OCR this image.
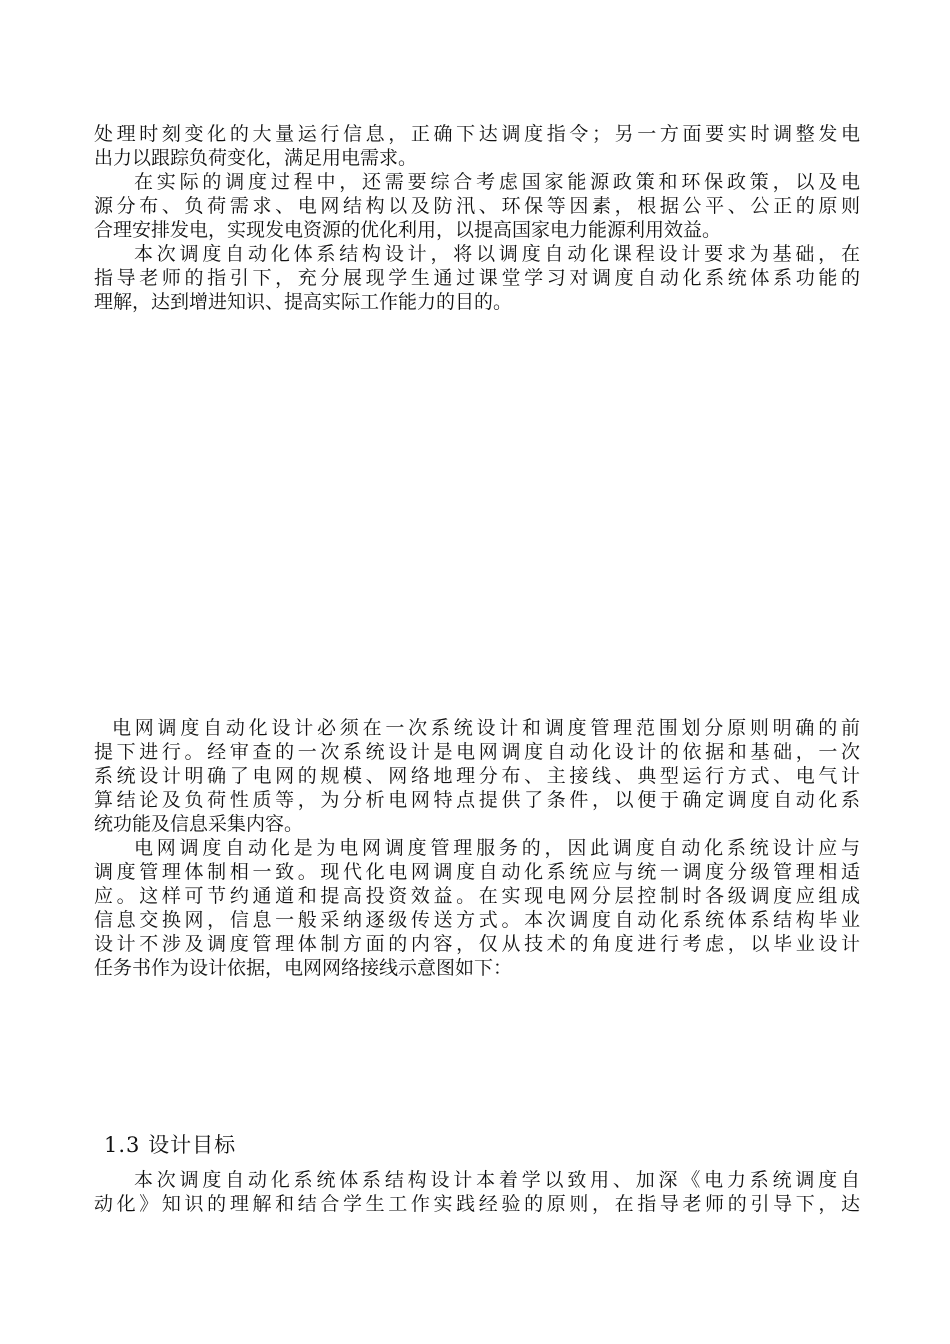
处理时刻变化的大量运行信息，正确下达调度指令；另一方面要实时调整发电
出力以跟踪负荷变化，满足用电需求。
在实际的调度过程中，还需要综合考虑国家能源政策和环保政策，以及电
源分布、负荷需求、电网结构以及防汛、环保等因素，根据公平、公正的原则
合理安排发电，实现发电资源的优化利用，以提高国家电力能源利用效益。
本次调度自动化体系结构设计，将以调度自动化课程设计要求为基础，在
指导老师的指引下，充分展现学生通过课堂学习对调度自动化系统体系功能的
理解，达到增进知识、提高实际工作能力的目的。
电网调度自动化设计必须在一次系统设计和调度管理范围划分原则明确的前
提下进行。经审查的一次系统设计是电网调度自动化设计的依据和基础，一次
系统设计明确了电网的规模、网络地理分布、主接线、典型运行方式、电气计
算结论及负荷性质等，为分析电网特点提供了条件，以便于确定调度自动化系
统功能及信息采集内容。
电网调度自动化是为电网调度管理服务的，因此调度自动化系统设计应与
调度管理体制相一致。现代化电网调度自动化系统应与统一调度分级管理相适
应。这样可节约通道和提高投资效益。在实现电网分层控制时各级调度应组成
信息交换网，信息一般采纳逐级传送方式。本次调度自动化系统体系结构毕业
设计不涉及调度管理体制方面的内容，仅从技术的角度进行考虑，以毕业设计
任务书作为设计依据，电网网络接线示意图如下：
1.3 设计目标
本次调度自动化系统体系结构设计本着学以致用、加深《电力系统调度自
动化》知识的理解和结合学生工作实践经验的原则，在指导老师的引导下，达
